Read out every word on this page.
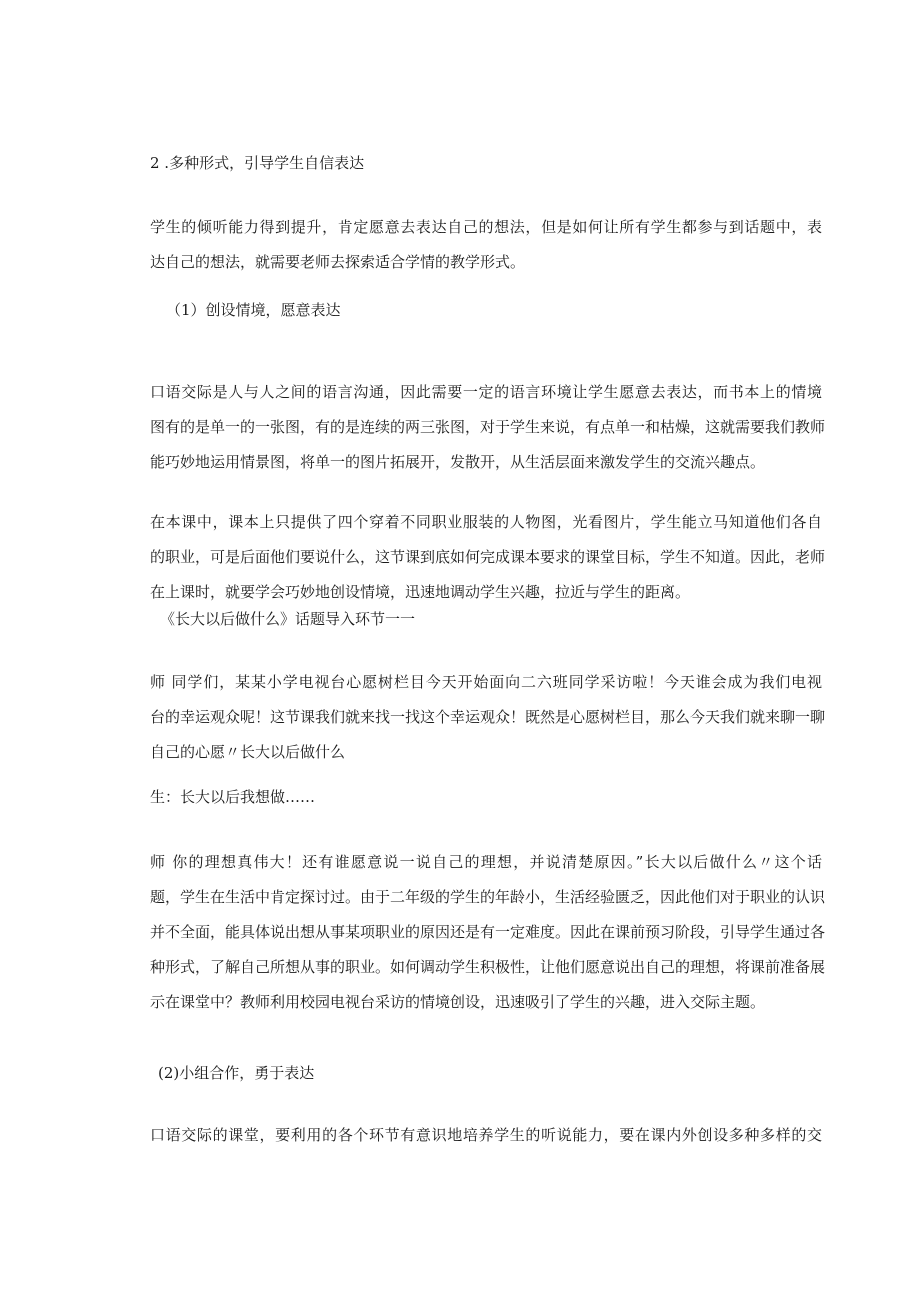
2 .多种形式，引导学生自信表达
学生的倾听能力得到提升，肯定愿意去表达自己的想法，但是如何让所有学生都参与到话题中，表
达自己的想法，就需要老师去探索适合学情的教学形式。
（1）创设情境，愿意表达
口语交际是人与人之间的语言沟通，因此需要一定的语言环境让学生愿意去表达，而书本上的情境
图有的是单一的一张图，有的是连续的两三张图，对于学生来说，有点单一和枯燥，这就需要我们教师
能巧妙地运用情景图，将单一的图片拓展开，发散开，从生活层面来激发学生的交流兴趣点。
在本课中，课本上只提供了四个穿着不同职业服装的人物图，光看图片，学生能立马知道他们各自
的职业，可是后面他们要说什么，这节课到底如何完成课本要求的课堂目标，学生不知道。因此，老师
在上课时，就要学会巧妙地创设情境，迅速地调动学生兴趣，拉近与学生的距离。
《长大以后做什么》话题导入环节一一
师 同学们，某某小学电视台心愿树栏目今天开始面向二六班同学采访啦！今天谁会成为我们电视
台的幸运观众呢！这节课我们就来找一找这个幸运观众！既然是心愿树栏目，那么今天我们就来聊一聊
自己的心愿〃长大以后做什么
生：长大以后我想做……
师 你的理想真伟大！还有谁愿意说一说自己的理想，并说清楚原因。”长大以后做什么〃这个话
题，学生在生活中肯定探讨过。由于二年级的学生的年龄小，生活经验匮乏，因此他们对于职业的认识
并不全面，能具体说出想从事某项职业的原因还是有一定难度。因此在课前预习阶段，引导学生通过各
种形式，了解自己所想从事的职业。如何调动学生积极性，让他们愿意说出自己的理想，将课前准备展
示在课堂中？教师利用校园电视台采访的情境创设，迅速吸引了学生的兴趣，进入交际主题。
(2)小组合作，勇于表达
口语交际的课堂，要利用的各个环节有意识地培养学生的听说能力，要在课内外创设多种多样的交
